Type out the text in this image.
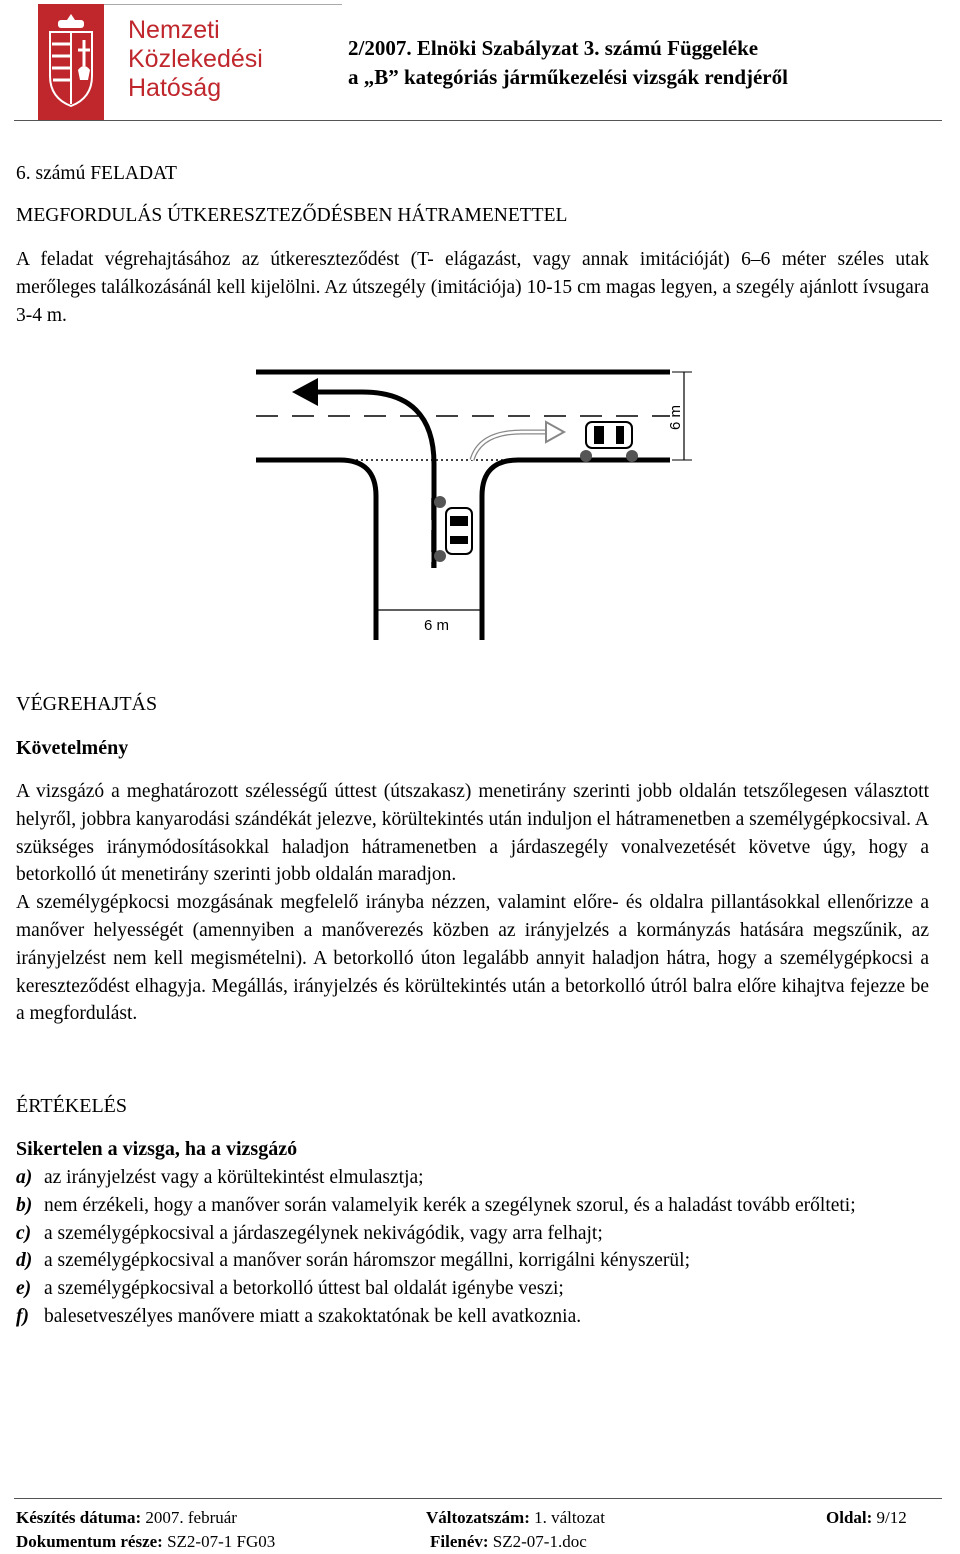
Nemzeti
Közlekedési
Hatóság
2/2007. Elnöki Szabályzat 3. számú Függeléke
a „B” kategóriás járműkezelési vizsgák rendjéről
6. számú FELADAT
MEGFORDULÁS ÚTKERESZTEZŐDÉSBEN HÁTRAMENETTEL
A feladat végrehajtásához az útkereszteződést (T- elágazást, vagy annak imitációját) 6–6 méter széles utak merőleges találkozásánál kell kijelölni. Az útszegély (imitációja) 10-15 cm magas legyen, a szegély ajánlott ívsugara 3-4 m.
6 m
6 m
VÉGREHAJTÁS
Követelmény

A vizsgázó a meghatározott szélességű úttest (útszakasz) menetirány szerinti jobb oldalán tetszőlegesen választott helyről, jobbra kanyarodási szándékát jelezve, körültekintés után induljon el hátramenetben a személygépkocsival. A szükséges iránymódosításokkal haladjon hátramenetben a járdaszegély vonalvezetését követve úgy, hogy a betorkolló út menetirány szerinti jobb oldalán maradjon.

A személygépkocsi mozgásának megfelelő irányba nézzen, valamint előre- és oldalra pillantásokkal ellenőrizze a manőver helyességét (amennyiben a manőverezés közben az irányjelzés a kormányzás hatására megszűnik, az irányjelzést nem kell megismételni). A betorkolló úton legalább annyit haladjon hátra, hogy a személygépkocsi a kereszteződést elhagyja. Megállás, irányjelzés és körültekintés után a betorkolló útról balra előre kihajtva fejezze be a megfordulást.

ÉRTÉKELÉS
Sikertelen a vizsga, ha a vizsgázó
a) az irányjelzést vagy a körültekintést elmulasztja;
b) nem érzékeli, hogy a manőver során valamelyik kerék a szegélynek szorul, és a haladást tovább erőlteti;
c) a személygépkocsival a járdaszegélynek nekivágódik, vagy arra felhajt;
d) a személygépkocsival a manőver során háromszor megállni, korrigálni kényszerül;
e) a személygépkocsival a betorkolló úttest bal oldalát igénybe veszi;
f) balesetveszélyes manővere miatt a szakoktatónak be kell avatkoznia.
Készítés dátuma: 2007. február	Változatszám: 1. változat	Oldal: 9/12
Dokumentum része: SZ2-07-1 FG03	Filenév: SZ2-07-1.doc
